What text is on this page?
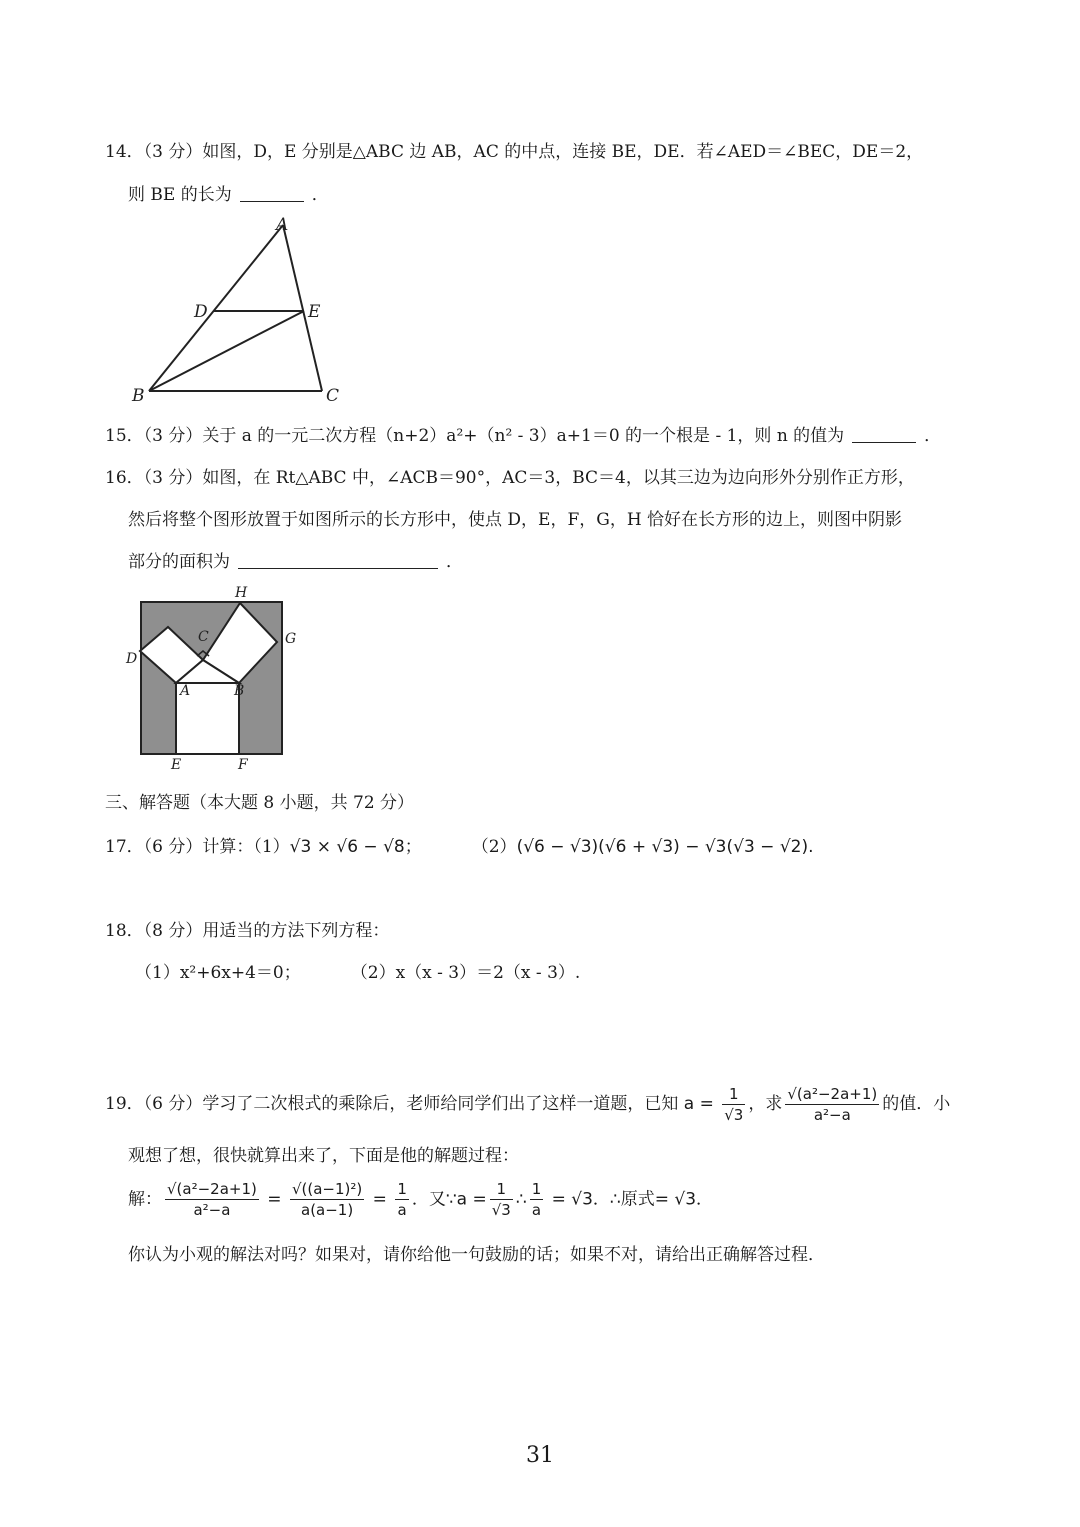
14．（3 分）如图，D，E 分别是△ABC 边 AB，AC 的中点，连接 BE，DE．若∠AED＝∠BEC，DE＝2，
则 BE 的长为	．
A
B	C
D	E
15．（3 分）关于 a 的一元二次方程（n+2）a²+（n² - 3）a+1＝0 的一个根是 - 1，则 n 的值为	．
16．（3 分）如图，在 Rt△ABC 中，∠ACB＝90°，AC＝3，BC＝4，以其三边为边向形外分别作正方形，
然后将整个图形放置于如图所示的长方形中，使点 D，E，F，G，H 恰好在长方形的边上，则图中阴影
部分的面积为	．
H
C	G
D
A	B
E	F
三、解答题（本大题 8 小题，共 72 分）
17．（6 分）计算：（1）√3 × √6 − √8；	（2）(√6 − √3)(√6 + √3) − √3(√3 − √2).
18．（8 分）用适当的方法下列方程：
（1）x²+6x+4＝0；	（2）x（x - 3）＝2（x - 3）.
19．（6 分）学习了二次根式的乘除后，老师给同学们出了这样一道题，已知 $a = \frac{1}{√3}$ ，求 $\frac{\text{√(a²−2a+1)}}{\text{a²−a}}$ 的值．小
观想了想，很快就算出来了，下面是他的解题过程：
解： $\frac{\text{√(a²−2a+1)}}{\text{a²−a}} = \frac{\text{√((a−1)²)}}{a(a-1)} = \frac{1}{a}$ ．又∵a = $\frac{1}{√3}$ ∴ $\frac{1}{a} = √3$．∴原式= √3．
你认为小观的解法对吗？如果对，请你给他一句鼓励的话；如果不对，请给出正确解答过程．
31
